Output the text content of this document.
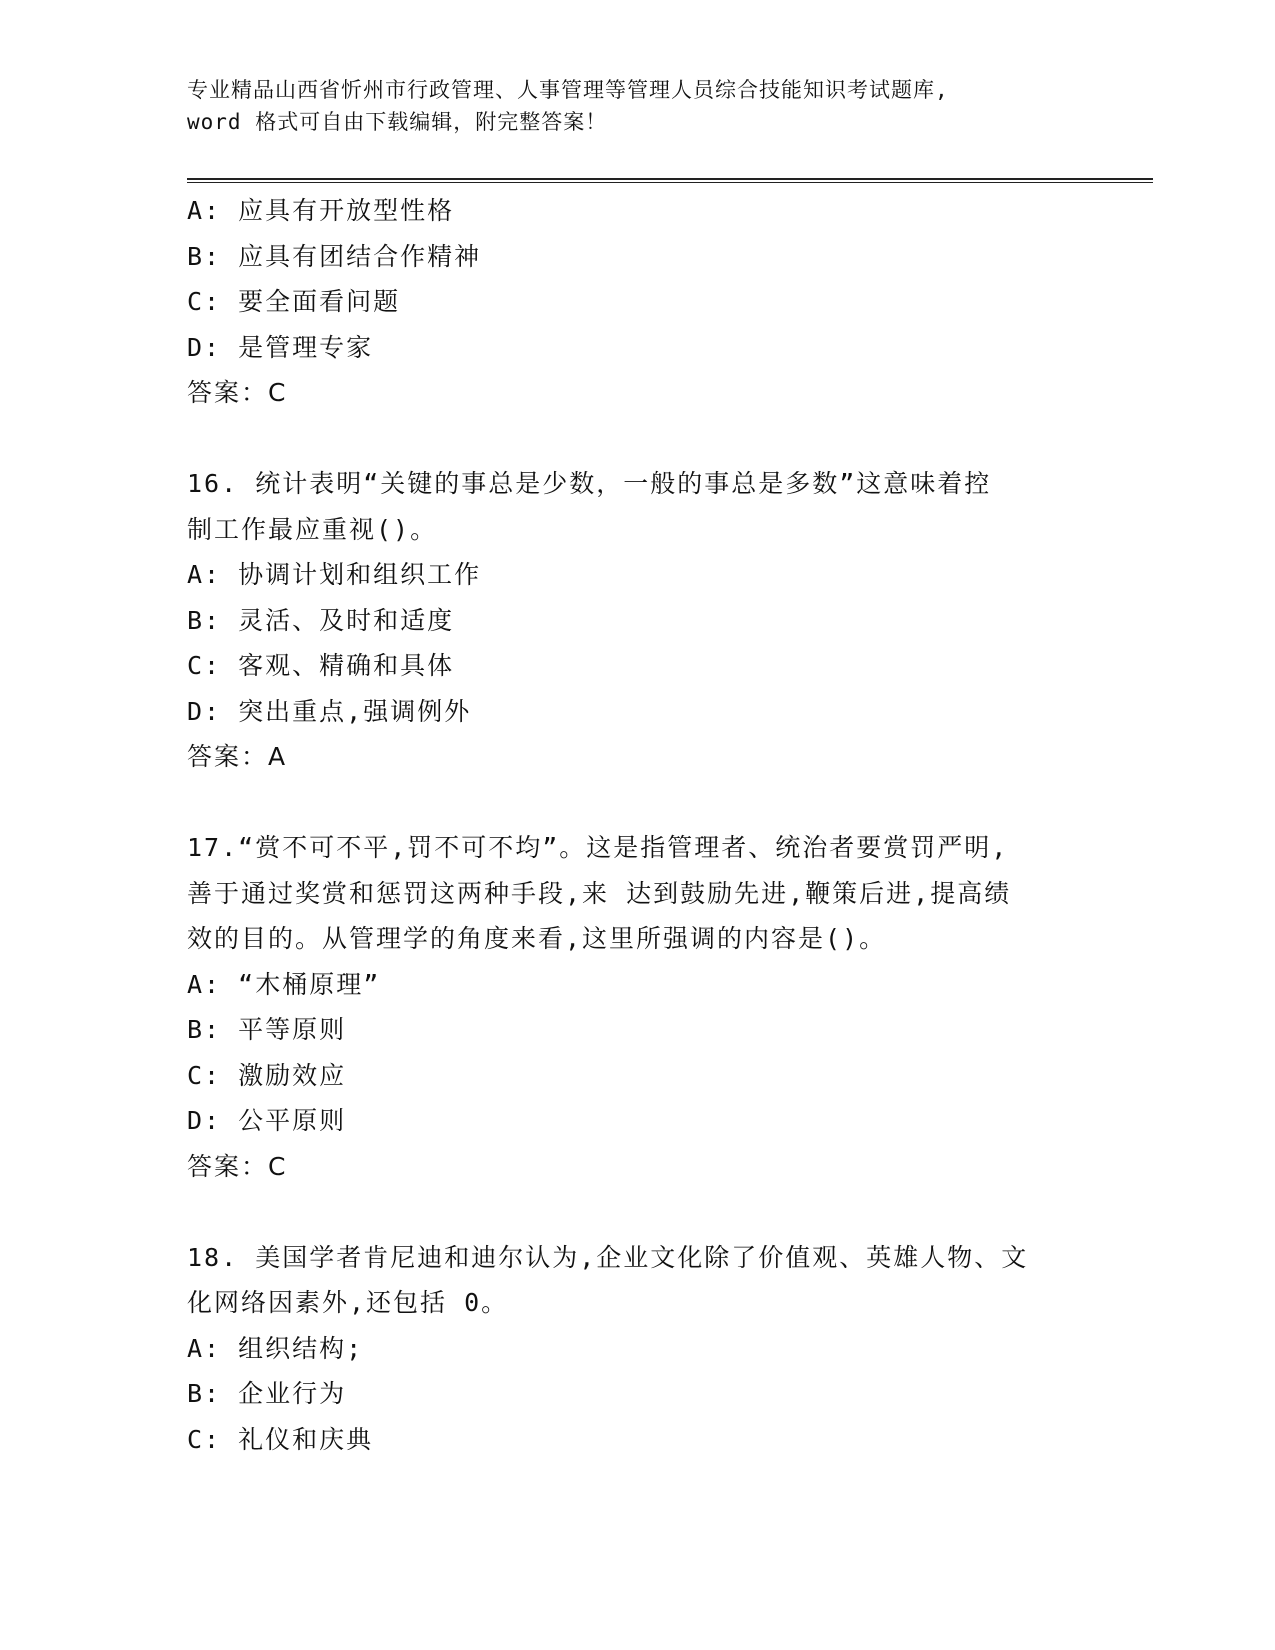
专业精品山西省忻州市行政管理、人事管理等管理人员综合技能知识考试题库,
word 格式可自由下载编辑，附完整答案！
A: 应具有开放型性格
B: 应具有团结合作精神
C: 要全面看问题
D: 是管理专家
答案：C
16. 统计表明“关键的事总是少数，一般的事总是多数”这意味着控
制工作最应重视()。
A: 协调计划和组织工作
B: 灵活、及时和适度
C: 客观、精确和具体
D: 突出重点,强调例外
答案：A
17.“赏不可不平,罚不可不均”。这是指管理者、统治者要赏罚严明,
善于通过奖赏和惩罚这两种手段,来 达到鼓励先进,鞭策后进,提高绩
效的目的。从管理学的角度来看,这里所强调的内容是()。
A: “木桶原理”
B: 平等原则
C: 激励效应
D: 公平原则
答案：C
18. 美国学者肯尼迪和迪尔认为,企业文化除了价值观、英雄人物、文
化网络因素外,还包括 0。
A: 组织结构;
B: 企业行为
C: 礼仪和庆典
